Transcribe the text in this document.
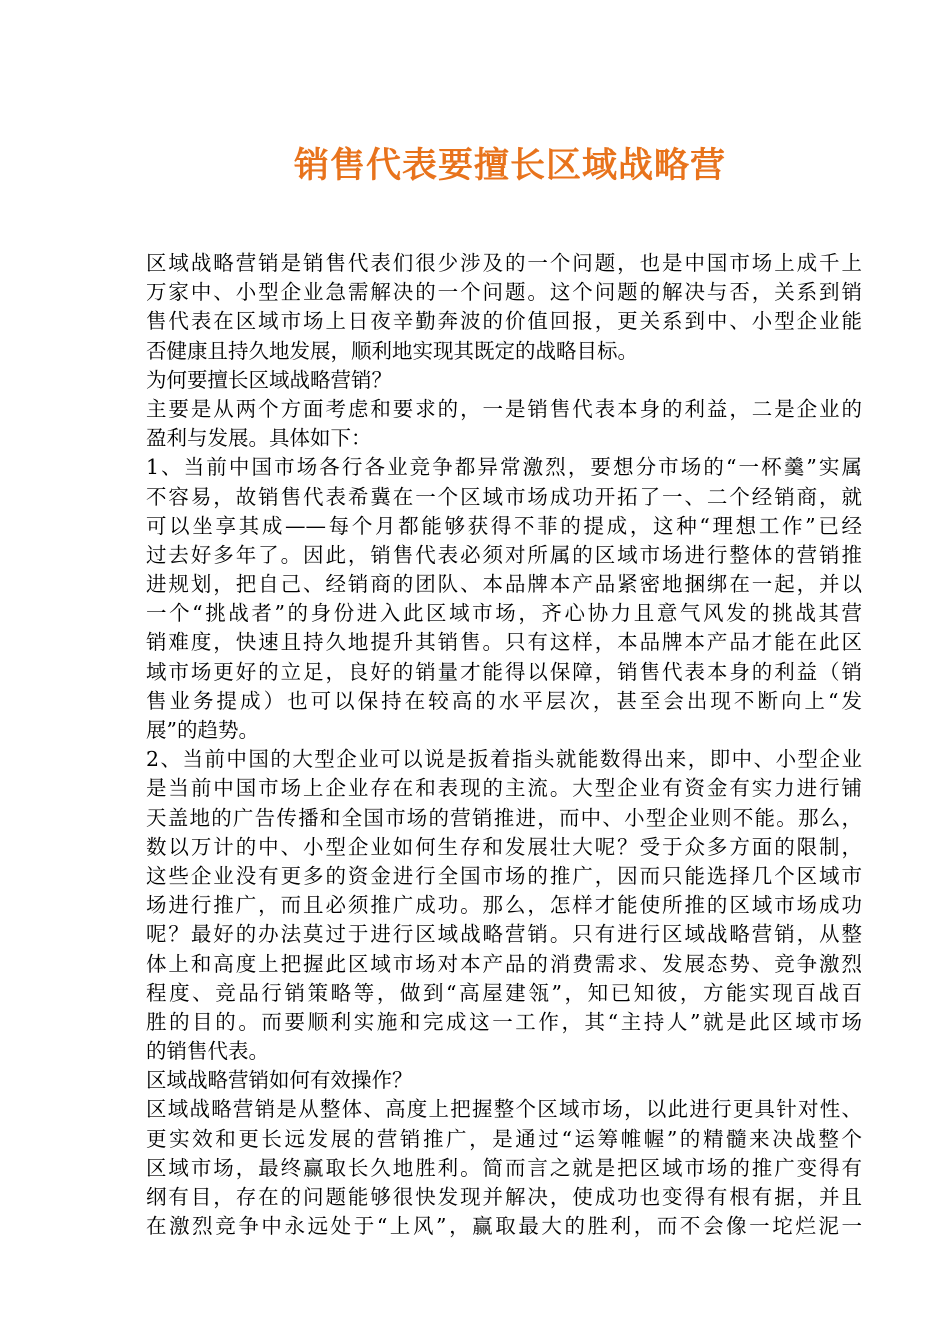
销售代表要擅长区域战略营
区域战略营销是销售代表们很少涉及的一个问题，也是中国市场上成千上
万家中、小型企业急需解决的一个问题。这个问题的解决与否，关系到销
售代表在区域市场上日夜辛勤奔波的价值回报，更关系到中、小型企业能
否健康且持久地发展，顺利地实现其既定的战略目标。
为何要擅长区域战略营销？
主要是从两个方面考虑和要求的，一是销售代表本身的利益，二是企业的
盈利与发展。具体如下：
1、当前中国市场各行各业竞争都异常激烈，要想分市场的“一杯羹”实属
不容易，故销售代表希冀在一个区域市场成功开拓了一、二个经销商，就
可以坐享其成——每个月都能够获得不菲的提成，这种“理想工作”已经
过去好多年了。因此，销售代表必须对所属的区域市场进行整体的营销推
进规划，把自己、经销商的团队、本品牌本产品紧密地捆绑在一起，并以
一个“挑战者”的身份进入此区域市场，齐心协力且意气风发的挑战其营
销难度，快速且持久地提升其销售。只有这样，本品牌本产品才能在此区
域市场更好的立足，良好的销量才能得以保障，销售代表本身的利益（销
售业务提成）也可以保持在较高的水平层次，甚至会出现不断向上“发
展”的趋势。
2、当前中国的大型企业可以说是扳着指头就能数得出来，即中、小型企业
是当前中国市场上企业存在和表现的主流。大型企业有资金有实力进行铺
天盖地的广告传播和全国市场的营销推进，而中、小型企业则不能。那么，
数以万计的中、小型企业如何生存和发展壮大呢？受于众多方面的限制，
这些企业没有更多的资金进行全国市场的推广，因而只能选择几个区域市
场进行推广，而且必须推广成功。那么，怎样才能使所推的区域市场成功
呢？最好的办法莫过于进行区域战略营销。只有进行区域战略营销，从整
体上和高度上把握此区域市场对本产品的消费需求、发展态势、竞争激烈
程度、竞品行销策略等，做到“高屋建瓴”，知已知彼，方能实现百战百
胜的目的。而要顺利实施和完成这一工作，其“主持人”就是此区域市场
的销售代表。
区域战略营销如何有效操作？
区域战略营销是从整体、高度上把握整个区域市场，以此进行更具针对性、
更实效和更长远发展的营销推广，是通过“运筹帷幄”的精髓来决战整个
区域市场，最终赢取长久地胜利。简而言之就是把区域市场的推广变得有
纲有目，存在的问题能够很快发现并解决，使成功也变得有根有据，并且
在激烈竞争中永远处于“上风”，赢取最大的胜利，而不会像一坨烂泥一
